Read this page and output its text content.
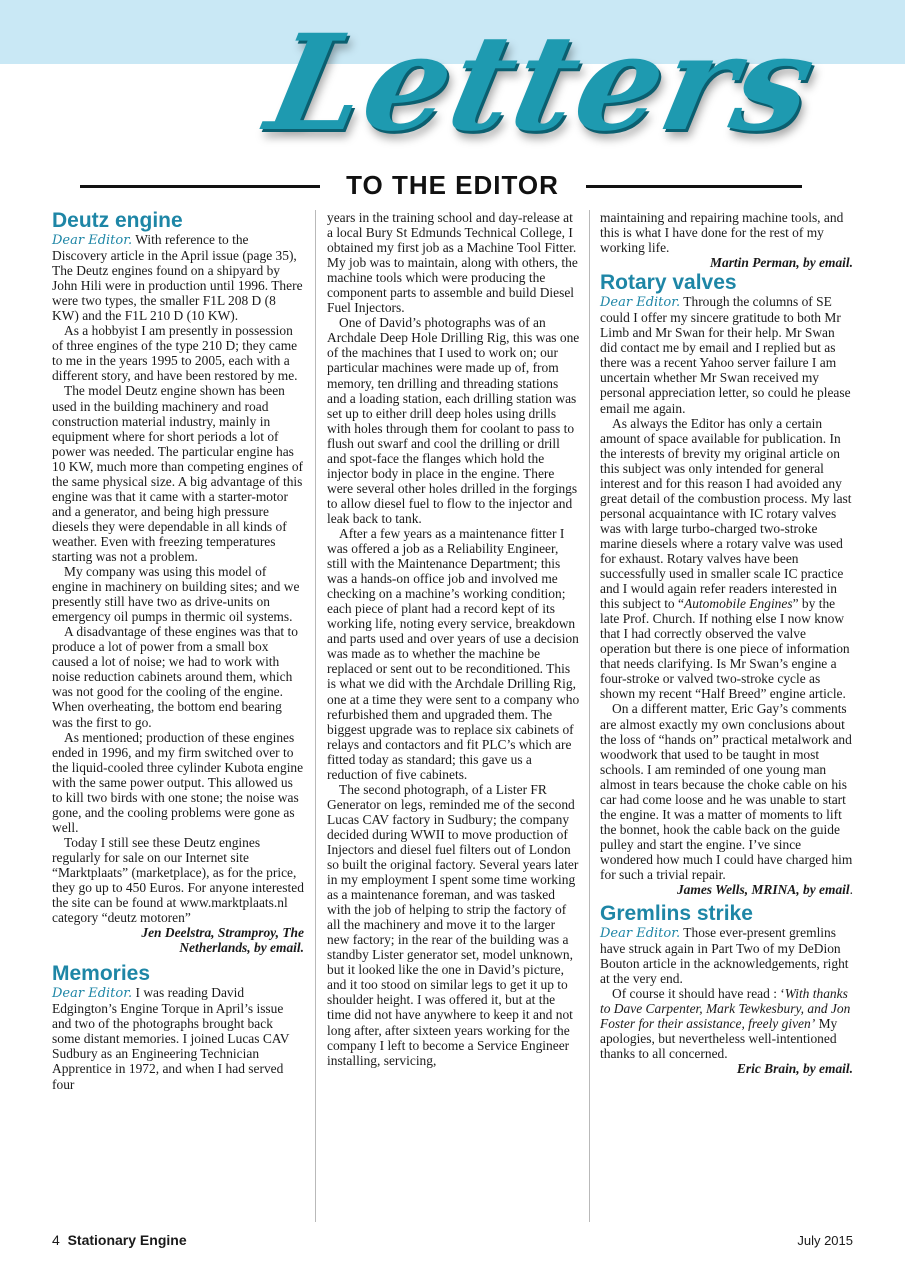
Letters
TO THE EDITOR
Deutz engine

Dear Editor. With reference to the Discovery article in the April issue (page 35), The Deutz engines found on a shipyard by John Hili were in production until 1996. There were two types, the smaller F1L 208 D (8 KW) and the F1L 210 D (10 KW).

As a hobbyist I am presently in possession of three engines of the type 210 D; they came to me in the years 1995 to 2005, each with a different story, and have been restored by me.

The model Deutz engine shown has been used in the building machinery and road construction material industry, mainly in equipment where for short periods a lot of power was needed. The particular engine has 10 KW, much more than competing engines of the same physical size. A big advantage of this engine was that it came with a starter-motor and a generator, and being high pressure diesels they were dependable in all kinds of weather. Even with freezing temperatures starting was not a problem.

My company was using this model of engine in machinery on building sites; and we presently still have two as drive-units on emergency oil pumps in thermic oil systems.

A disadvantage of these engines was that to produce a lot of power from a small box caused a lot of noise; we had to work with noise reduction cabinets around them, which was not good for the cooling of the engine. When overheating, the bottom end bearing was the first to go.

As mentioned; production of these engines ended in 1996, and my firm switched over to the liquid-cooled three cylinder Kubota engine with the same power output. This allowed us to kill two birds with one stone; the noise was gone, and the cooling problems were gone as well.

Today I still see these Deutz engines regularly for sale on our Internet site “Marktplaats” (marketplace), as for the price, they go up to 450 Euros. For anyone interested the site can be found at www.marktplaats.nl category “deutz motoren”

Jen Deelstra, Stramproy, The Netherlands, by email.

Memories

Dear Editor. I was reading David Edgington’s Engine Torque in April’s issue and two of the photographs brought back some distant memories. I joined Lucas CAV Sudbury as an Engineering Technician Apprentice in 1972, and when I had served four

years in the training school and day-release at a local Bury St Edmunds Technical College, I obtained my first job as a Machine Tool Fitter. My job was to maintain, along with others, the machine tools which were producing the component parts to assemble and build Diesel Fuel Injectors.

One of David’s photographs was of an Archdale Deep Hole Drilling Rig, this was one of the machines that I used to work on; our particular machines were made up of, from memory, ten drilling and threading stations and a loading station, each drilling station was set up to either drill deep holes using drills with holes through them for coolant to pass to flush out swarf and cool the drilling or drill and spot-face the flanges which hold the injector body in place in the engine. There were several other holes drilled in the forgings to allow diesel fuel to flow to the injector and leak back to tank.

After a few years as a maintenance fitter I was offered a job as a Reliability Engineer, still with the Maintenance Department; this was a hands-on office job and involved me checking on a machine’s working condition; each piece of plant had a record kept of its working life, noting every service, breakdown and parts used and over years of use a decision was made as to whether the machine be replaced or sent out to be reconditioned. This is what we did with the Archdale Drilling Rig, one at a time they were sent to a company who refurbished them and upgraded them. The biggest upgrade was to replace six cabinets of relays and contactors and fit PLC’s which are fitted today as standard; this gave us a reduction of five cabinets.

The second photograph, of a Lister FR Generator on legs, reminded me of the second Lucas CAV factory in Sudbury; the company decided during WWII to move production of Injectors and diesel fuel filters out of London so built the original factory. Several years later in my employment I spent some time working as a maintenance foreman, and was tasked with the job of helping to strip the factory of all the machinery and move it to the larger new factory; in the rear of the building was a standby Lister generator set, model unknown, but it looked like the one in David’s picture, and it too stood on similar legs to get it up to shoulder height. I was offered it, but at the time did not have anywhere to keep it and not long after, after sixteen years working for the company I left to become a Service Engineer installing, servicing,

maintaining and repairing machine tools, and this is what I have done for the rest of my working life.

Martin Perman, by email.

Rotary valves

Dear Editor. Through the columns of SE could I offer my sincere gratitude to both Mr Limb and Mr Swan for their help. Mr Swan did contact me by email and I replied but as there was a recent Yahoo server failure I am uncertain whether Mr Swan received my personal appreciation letter, so could he please email me again.

As always the Editor has only a certain amount of space available for publication. In the interests of brevity my original article on this subject was only intended for general interest and for this reason I had avoided any great detail of the combustion process. My last personal acquaintance with IC rotary valves was with large turbo-charged two-stroke marine diesels where a rotary valve was used for exhaust. Rotary valves have been successfully used in smaller scale IC practice and I would again refer readers interested in this subject to “Automobile Engines” by the late Prof. Church. If nothing else I now know that I had correctly observed the valve operation but there is one piece of information that needs clarifying. Is Mr Swan’s engine a four-stroke or valved two-stroke cycle as shown my recent “Half Breed” engine article.

On a different matter, Eric Gay’s comments are almost exactly my own conclusions about the loss of “hands on” practical metalwork and woodwork that used to be taught in most schools. I am reminded of one young man almost in tears because the choke cable on his car had come loose and he was unable to start the engine. It was a matter of moments to lift the bonnet, hook the cable back on the guide pulley and start the engine. I’ve since wondered how much I could have charged him for such a trivial repair.

James Wells, MRINA, by email.

Gremlins strike

Dear Editor. Those ever-present gremlins have struck again in Part Two of my DeDion Bouton article in the acknowledgements, right at the very end.

Of course it should have read : ‘With thanks to Dave Carpenter, Mark Tewkesbury, and Jon Foster for their assistance, freely given’ My apologies, but nevertheless well-intentioned thanks to all concerned.

Eric Brain, by email.

4 Stationary Engine	July 2015
